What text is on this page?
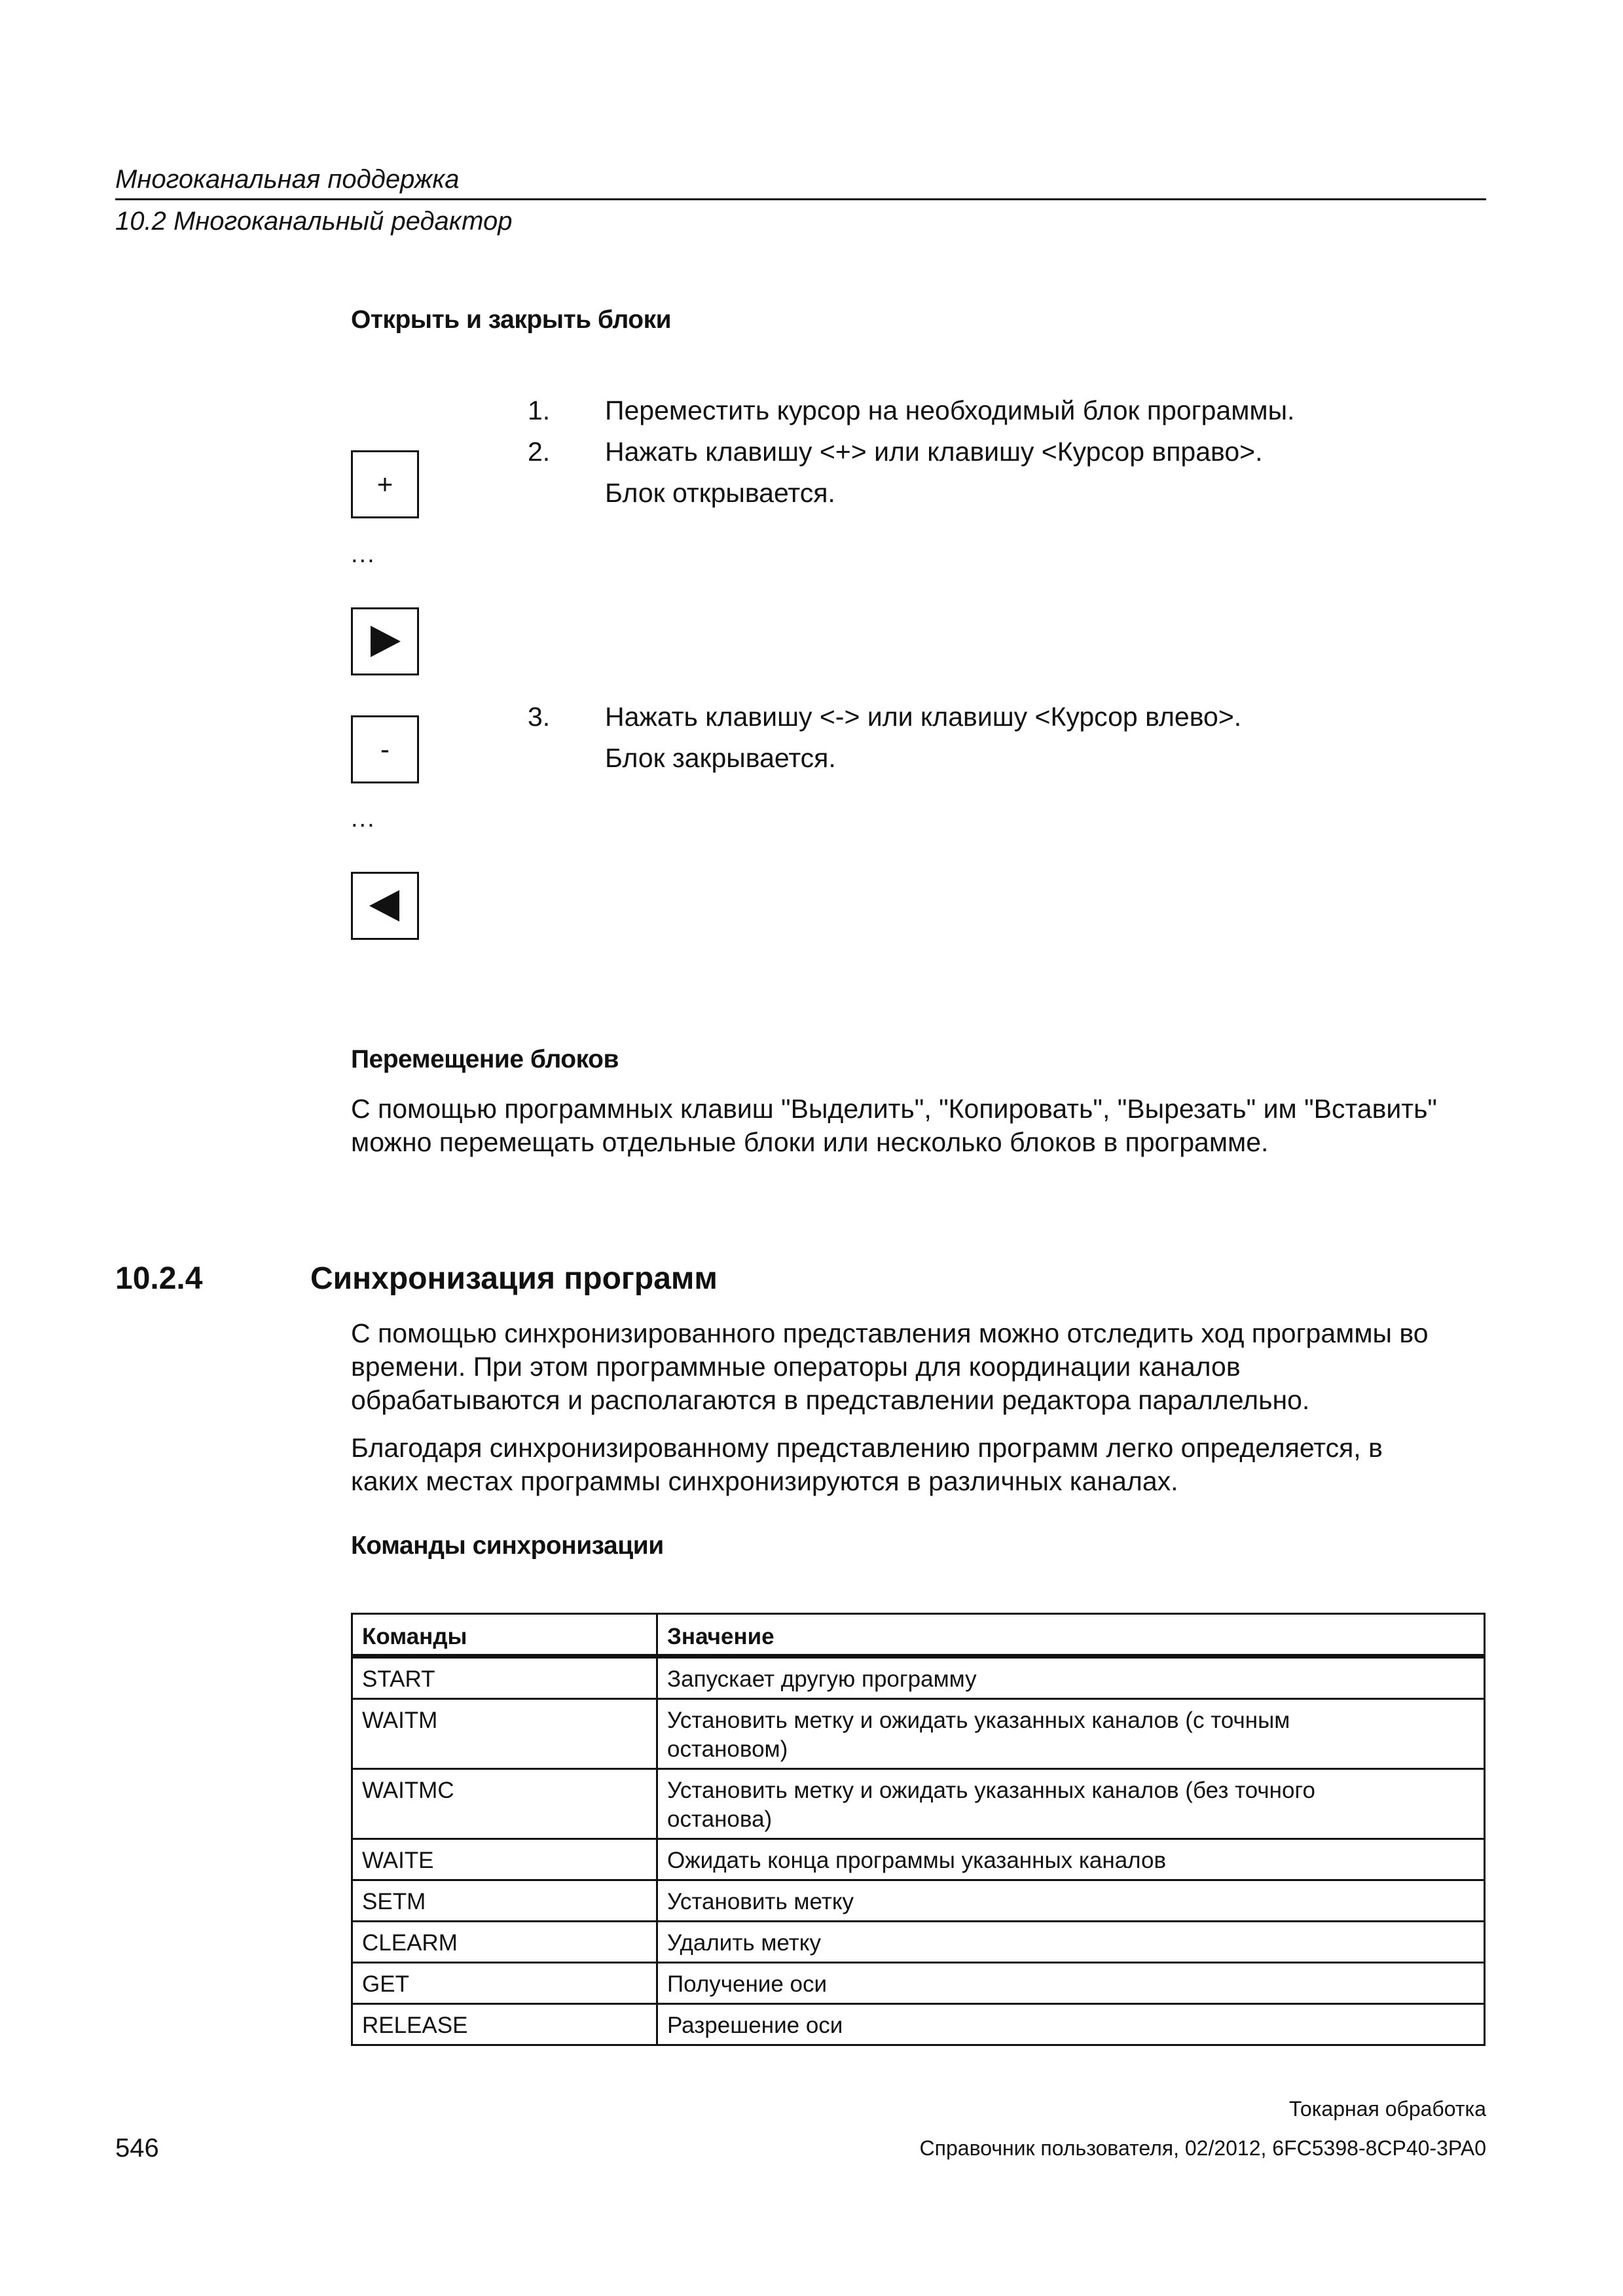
Многоканальная поддержка
10.2 Многоканальный редактор
Открыть и закрыть блоки
1. Переместить курсор на необходимый блок программы.
2. Нажать клавишу <+> или клавишу <Курсор вправо>.
Блок открывается.
3. Нажать клавишу <-> или клавишу <Курсор влево>.
Блок закрывается.
+
...
-
...
Перемещение блоков
С помощью программных клавиш "Выделить", "Копировать", "Вырезать" им "Вставить"
можно перемещать отдельные блоки или несколько блоков в программе.
10.2.4	Синхронизация программ
С помощью синхронизированного представления можно отследить ход программы во
времени. При этом программные операторы для координации каналов
обрабатываются и располагаются в представлении редактора параллельно.
Благодаря синхронизированному представлению программ легко определяется, в
каких местах программы синхронизируются в различных каналах.
Команды синхронизации
Команды	Значение
START	Запускает другую программу
WAITM	Установить метку и ожидать указанных каналов (с точным остановом)
WAITMC	Установить метку и ожидать указанных каналов (без точного останова)
WAITE	Ожидать конца программы указанных каналов
SETM	Установить метку
CLEARM	Удалить метку
GET	Получение оси
RELEASE	Разрешение оси
Токарная обработка
546	Справочник пользователя, 02/2012, 6FC5398-8CP40-3PA0
